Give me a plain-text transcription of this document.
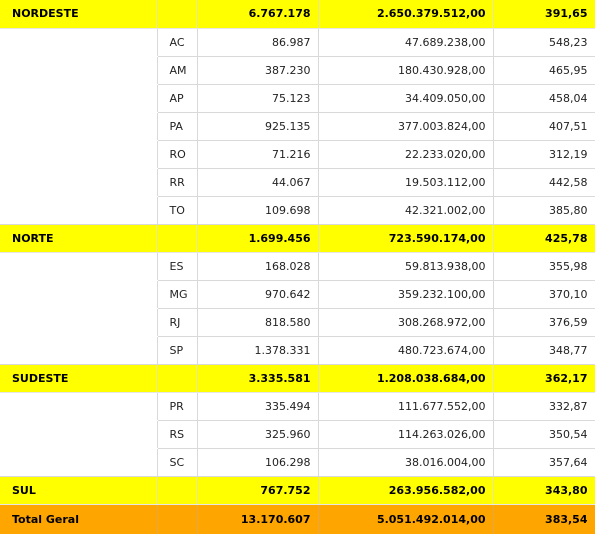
NORDESTE		6.767.178	2.650.379.512,00	391,65
	AC	86.987	47.689.238,00	548,23
	AM	387.230	180.430.928,00	465,95
	AP	75.123	34.409.050,00	458,04
	PA	925.135	377.003.824,00	407,51
	RO	71.216	22.233.020,00	312,19
	RR	44.067	19.503.112,00	442,58
	TO	109.698	42.321.002,00	385,80
NORTE		1.699.456	723.590.174,00	425,78
	ES	168.028	59.813.938,00	355,98
	MG	970.642	359.232.100,00	370,10
	RJ	818.580	308.268.972,00	376,59
	SP	1.378.331	480.723.674,00	348,77
SUDESTE		3.335.581	1.208.038.684,00	362,17
	PR	335.494	111.677.552,00	332,87
	RS	325.960	114.263.026,00	350,54
	SC	106.298	38.016.004,00	357,64
SUL		767.752	263.956.582,00	343,80
Total Geral		13.170.607	5.051.492.014,00	383,54
